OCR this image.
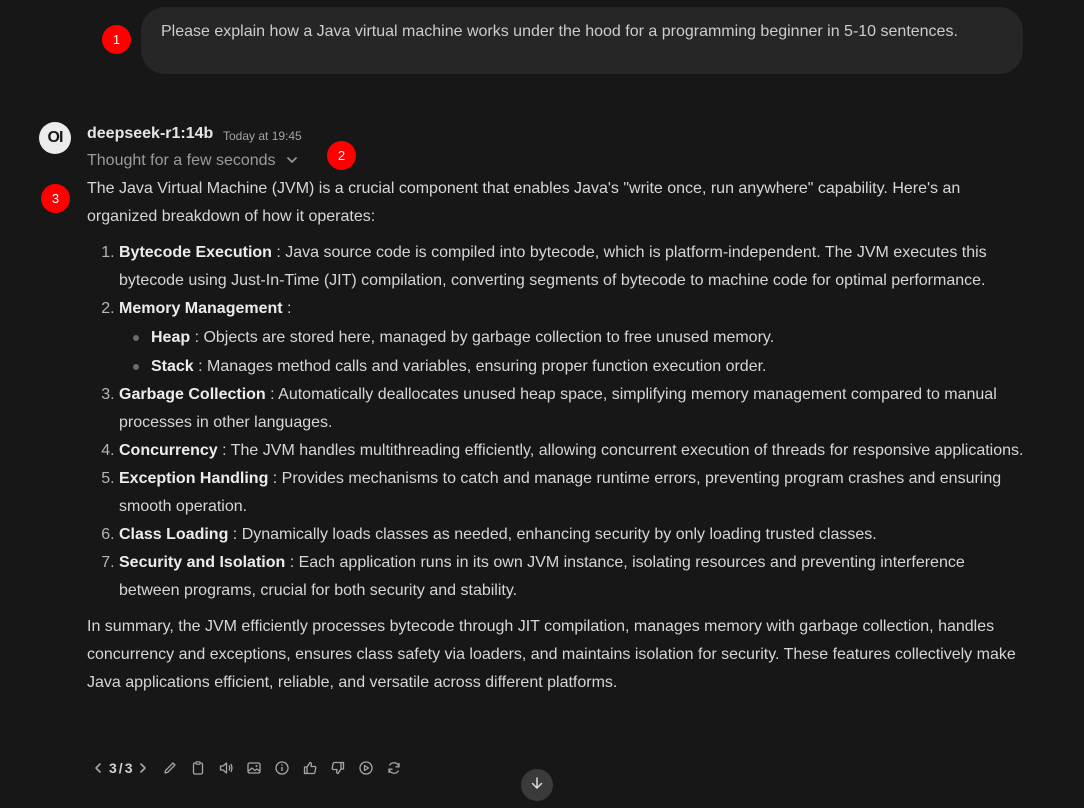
1	Please explain how a Java virtual machine works under the hood for a programming beginner in 5-10 sentences.
OI	deepseek-r1:14b Today at 19:45
2
Thought for a few seconds
3

The Java Virtual Machine (JVM) is a crucial component that enables Java's "write once, run anywhere" capability. Here's an organized breakdown of how it operates:

1. Bytecode Execution : Java source code is compiled into bytecode, which is platform-independent. The JVM executes this bytecode using Just-In-Time (JIT) compilation, converting segments of bytecode to machine code for optimal performance.
2. Memory Management :
Heap : Objects are stored here, managed by garbage collection to free unused memory.
Stack : Manages method calls and variables, ensuring proper function execution order.
3. Garbage Collection : Automatically deallocates unused heap space, simplifying memory management compared to manual processes in other languages.
4. Concurrency : The JVM handles multithreading efficiently, allowing concurrent execution of threads for responsive applications.
5. Exception Handling : Provides mechanisms to catch and manage runtime errors, preventing program crashes and ensuring smooth operation.
6. Class Loading : Dynamically loads classes as needed, enhancing security by only loading trusted classes.
7. Security and Isolation : Each application runs in its own JVM instance, isolating resources and preventing interference between programs, crucial for both security and stability.

In summary, the JVM efficiently processes bytecode through JIT compilation, manages memory with garbage collection, handles concurrency and exceptions, ensures class safety via loaders, and maintains isolation for security. These features collectively make Java applications efficient, reliable, and versatile across different platforms.

3 / 3
